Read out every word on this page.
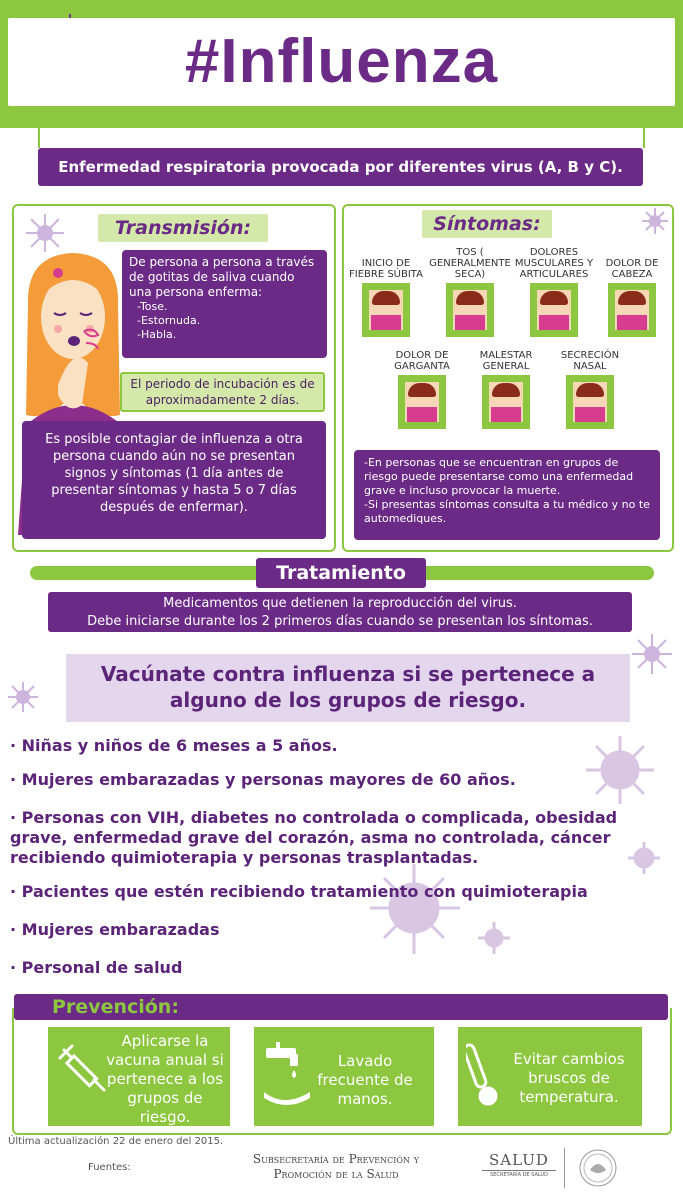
#Influenza
Enfermedad respiratoria provocada por diferentes virus (A, B y C).
Transmisión:
De persona a persona a través de gotitas de saliva cuando una persona enferma:
-Tose.
-Estornuda.
-Habla.
El periodo de incubación es de aproximadamente 2 días.
Es posible contagiar de influenza a otra persona cuando aún no se presentan signos y síntomas (1 día antes de presentar síntomas y hasta 5 o 7 días después de enfermar).
Síntomas:
INICIO DE FIEBRE SÚBITA
TOS ( GENERALMENTE SECA)
DOLORES MUSCULARES Y ARTICULARES
DOLOR DE CABEZA
DOLOR DE GARGANTA
MALESTAR GENERAL
SECRECIÓN NASAL
-En personas que se encuentran en grupos de riesgo puede presentarse como una enfermedad grave e incluso provocar la muerte.
-Si presentas síntomas consulta a tu médico y no te automediques.
Tratamiento
Medicamentos que detienen la reproducción del virus.
Debe iniciarse durante los 2 primeros días cuando se presentan los síntomas.
Vacúnate contra influenza si se pertenece a alguno de los grupos de riesgo.
· Niñas y niños de 6 meses a 5 años.
· Mujeres embarazadas y personas mayores de 60 años.
· Personas con VIH, diabetes no controlada o complicada, obesidad grave, enfermedad grave del corazón, asma no controlada, cáncer recibiendo quimioterapia y personas trasplantadas.
· Pacientes que estén recibiendo tratamiento con quimioterapia
· Mujeres embarazadas
· Personal de salud
Prevención:
Aplicarse la vacuna anual si pertenece a los grupos de riesgo.
Lavado frecuente de manos.
Evitar cambios bruscos de temperatura.
Última actualización 22 de enero del 2015.
Fuentes:
Subsecretaría de Prevención y
Promoción de la Salud
SALUD
SECRETARÍA DE SALUD
